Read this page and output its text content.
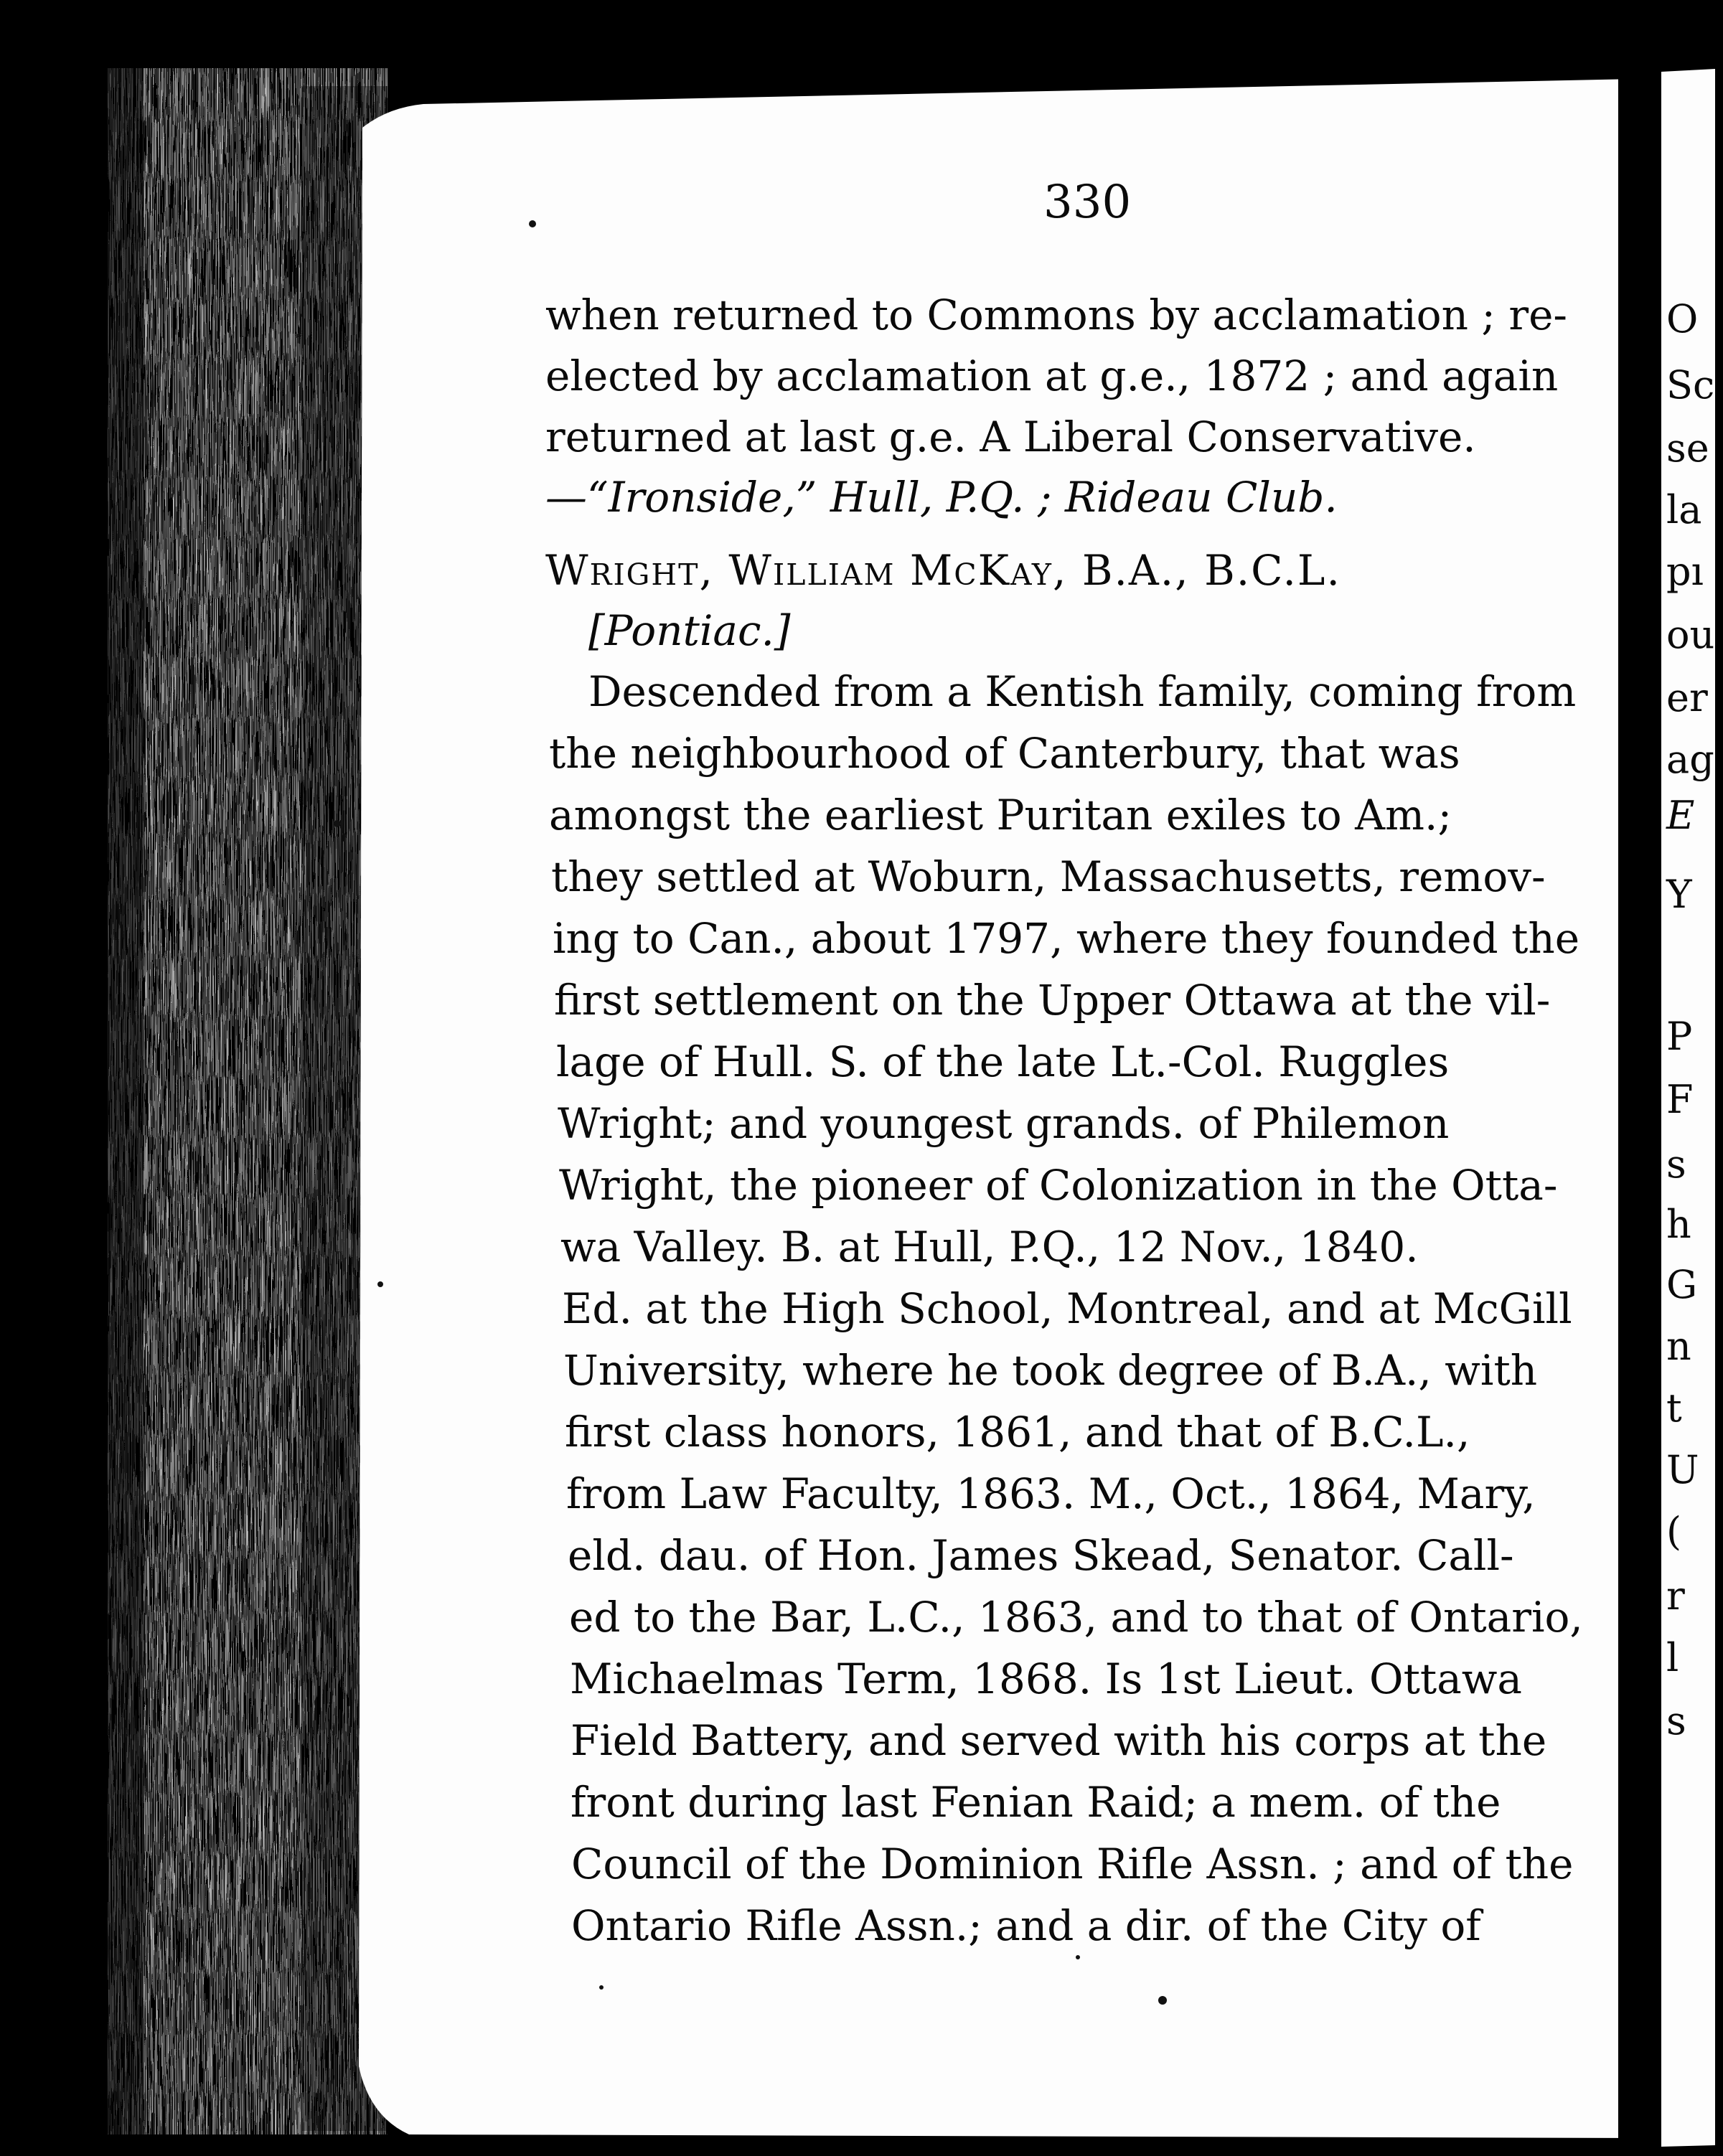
330
when returned to Commons by acclamation ; re-
elected by acclamation at g.e., 1872 ; and again
returned at last g.e. A Liberal Conservative.
—“Ironside,” Hull, P.Q. ; Rideau Club.
Wright, William McKay, B.A., B.C.L.
[Pontiac.]
Descended from a Kentish family, coming from
the neighbourhood of Canterbury, that was
amongst the earliest Puritan exiles to Am.;
they settled at Woburn, Massachusetts, remov-
ing to Can., about 1797, where they founded the
first settlement on the Upper Ottawa at the vil-
lage of Hull. S. of the late Lt.-Col. Ruggles
Wright; and youngest grands. of Philemon
Wright, the pioneer of Colonization in the Otta-
wa Valley. B. at Hull, P.Q., 12 Nov., 1840.
Ed. at the High School, Montreal, and at McGill
University, where he took degree of B.A., with
first class honors, 1861, and that of B.C.L.,
from Law Faculty, 1863. M., Oct., 1864, Mary,
eld. dau. of Hon. James Skead, Senator. Call-
ed to the Bar, L.C., 1863, and to that of Ontario,
Michaelmas Term, 1868. Is 1st Lieut. Ottawa
Field Battery, and served with his corps at the
front during last Fenian Raid; a mem. of the
Council of the Dominion Rifle Assn. ; and of the
Ontario Rifle Assn.; and a dir. of the City of
O
Sc
se
la
pı
ou
er
ag
E
Y
P
F
s
h
G
n
t
U
(
r
l
s
